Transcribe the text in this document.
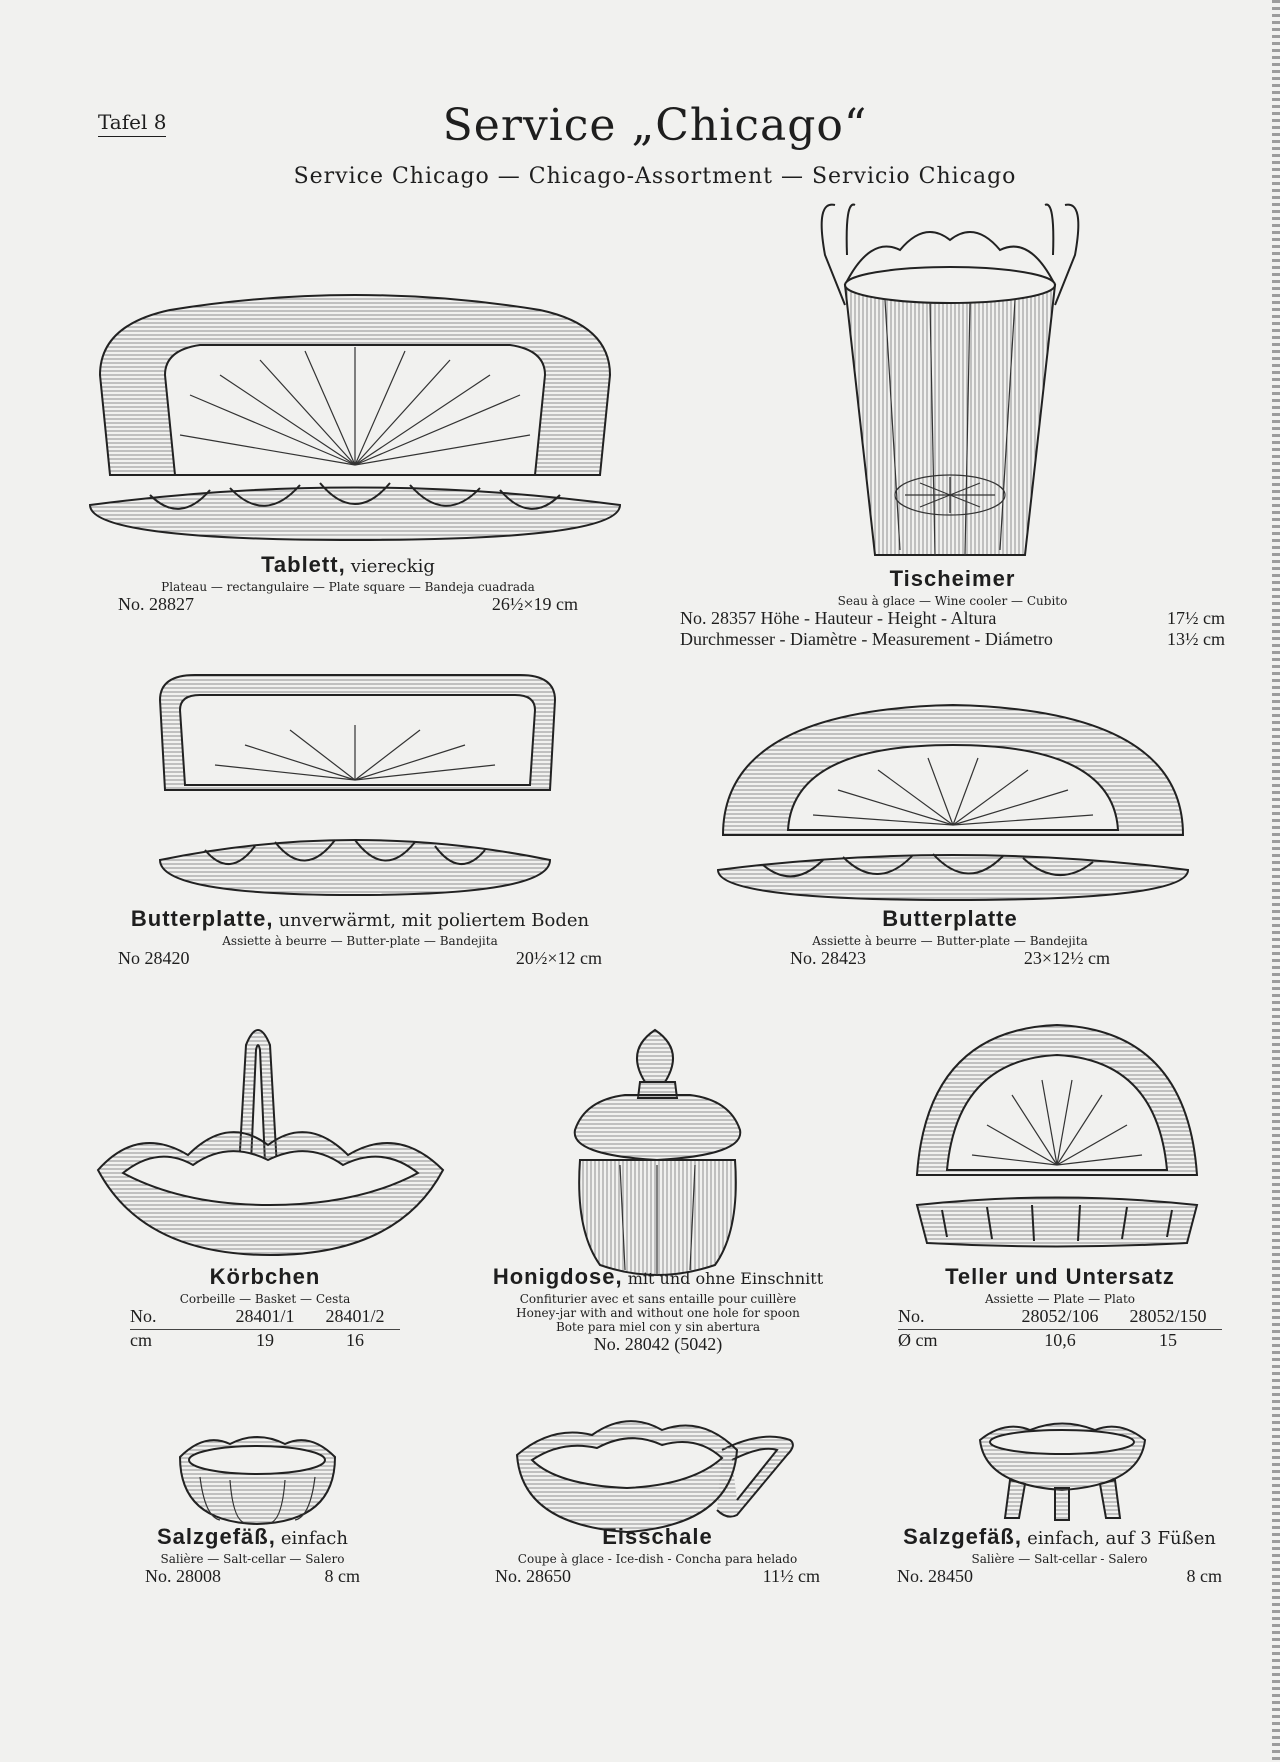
Tafel 8	Service „Chicago“
Service Chicago — Chicago-Assortment — Servicio Chicago
Tablett, viereckig
Plateau — rectangulaire — Plate square — Bandeja cuadrada
No. 28827	26½×19 cm
Tischeimer
Seau à glace — Wine cooler — Cubito
No. 28357 Höhe - Hauteur - Height - Altura	17½ cm
Durchmesser - Diamètre - Measurement - Diámetro	13½ cm
Butterplatte, unverwärmt, mit poliertem Boden
Assiette à beurre — Butter-plate — Bandejita
No 28420	20½×12 cm
Butterplatte
Assiette à beurre — Butter-plate — Bandejita
No. 28423	23×12½ cm
Körbchen
Corbeille — Basket — Cesta
No.	28401/1	28401/2
cm	19	16
Honigdose, mit und ohne Einschnitt
Confiturier avec et sans entaille pour cuillère
Honey-jar with and without one hole for spoon
Bote para miel con y sin abertura
No. 28042 (5042)
Teller und Untersatz
Assiette — Plate — Plato
No.	28052/106	28052/150
Ø cm	10,6	15
Salzgefäß, einfach
Salière — Salt-cellar — Salero
No. 28008	8 cm
Eisschale
Coupe à glace - Ice-dish - Concha para helado
No. 28650	11½ cm
Salzgefäß, einfach, auf 3 Füßen
Salière — Salt-cellar - Salero
No. 28450	8 cm
